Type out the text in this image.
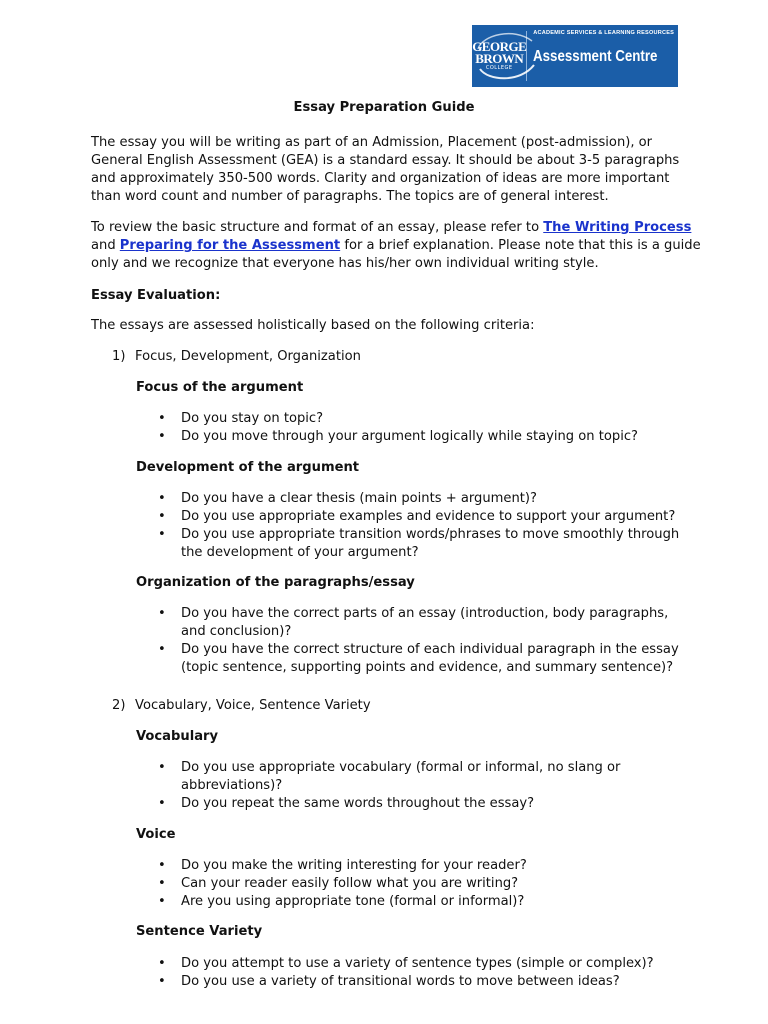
GEORGE
BROWN
COLLEGE
ACADEMIC SERVICES & LEARNING RESOURCES
Assessment Centre
Essay Preparation Guide
The essay you will be writing as part of an Admission, Placement (post-admission), or
General English Assessment (GEA) is a standard essay. It should be about 3-5 paragraphs
and approximately 350-500 words. Clarity and organization of ideas are more important
than word count and number of paragraphs. The topics are of general interest.
To review the basic structure and format of an essay, please refer to The Writing Process
and Preparing for the Assessment for a brief explanation. Please note that this is a guide
only and we recognize that everyone has his/her own individual writing style.
Essay Evaluation:
The essays are assessed holistically based on the following criteria:
1) Focus, Development, Organization
Focus of the argument
• Do you stay on topic?
• Do you move through your argument logically while staying on topic?
Development of the argument
• Do you have a clear thesis (main points + argument)?
• Do you use appropriate examples and evidence to support your argument?
• Do you use appropriate transition words/phrases to move smoothly through
the development of your argument?
Organization of the paragraphs/essay
• Do you have the correct parts of an essay (introduction, body paragraphs,
and conclusion)?
• Do you have the correct structure of each individual paragraph in the essay
(topic sentence, supporting points and evidence, and summary sentence)?
2) Vocabulary, Voice, Sentence Variety
Vocabulary
• Do you use appropriate vocabulary (formal or informal, no slang or
abbreviations)?
• Do you repeat the same words throughout the essay?
Voice
• Do you make the writing interesting for your reader?
• Can your reader easily follow what you are writing?
• Are you using appropriate tone (formal or informal)?
Sentence Variety
• Do you attempt to use a variety of sentence types (simple or complex)?
• Do you use a variety of transitional words to move between ideas?
